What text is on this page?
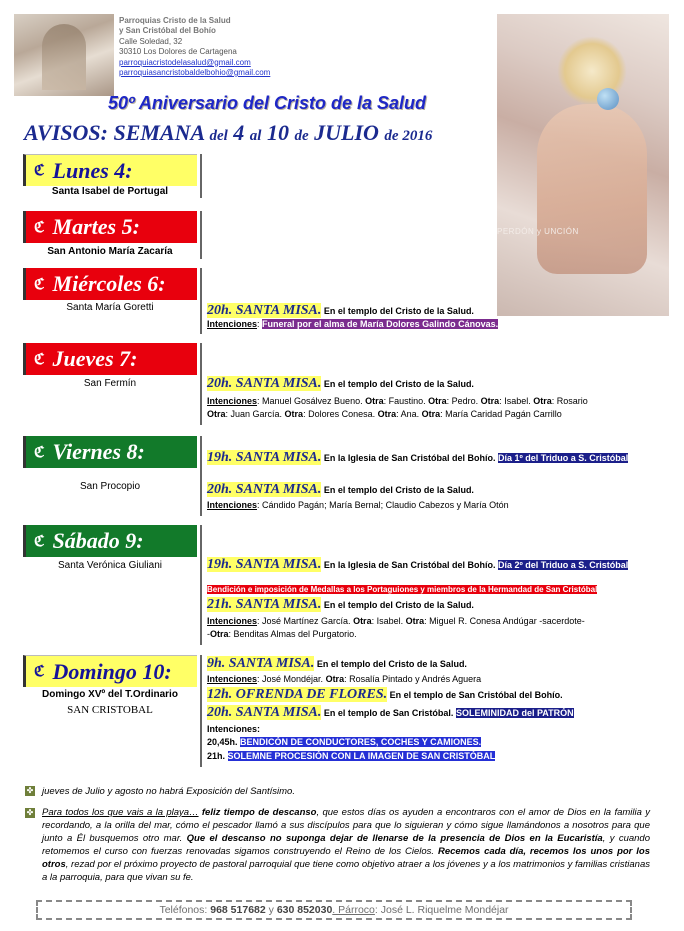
PERDÓN y UNCIÓN
Parroquias Cristo de la Salud
y San Cristóbal del Bohío
Calle Soledad, 32
30310 Los Dolores de Cartagena
parroquiacristodelasalud@gmail.com
parroquiasancristobaldelbohio@gmail.com
50º Aniversario del Cristo de la Salud
AVISOS: SEMANA del 4 al 10 de JULIO de 2016
ℭ Lunes 4:
Santa Isabel de Portugal
ℭ Martes 5:
San Antonio María Zacaría
ℭ Miércoles 6:
Santa María Goretti	20h. SANTA MISA. En el templo del Cristo de la Salud.
Intenciones: Funeral por el alma de María Dolores Galindo Cánovas.
ℭ Jueves 7:
San Fermín	20h. SANTA MISA. En el templo del Cristo de la Salud.
Intenciones: Manuel Gosálvez Bueno. Otra: Faustino. Otra: Pedro. Otra: Isabel. Otra: Rosario
Otra: Juan García. Otra: Dolores Conesa. Otra: Ana. Otra: María Caridad Pagán Carrillo
ℭ Viernes 8:
San Procopio
19h. SANTA MISA. En la Iglesia de San Cristóbal del Bohío. Día 1º del Triduo a S. Cristóbal
20h. SANTA MISA. En el templo del Cristo de la Salud.
Intenciones: Cándido Pagán; María Bernal; Claudio Cabezos y María Otón
ℭ Sábado 9:
Santa Verónica Giuliani	19h. SANTA MISA. En la Iglesia de San Cristóbal del Bohío. Día 2º del Triduo a S. Cristóbal
Bendición e imposición de Medallas a los Portaguiones y miembros de la Hermandad de San Cristóbal
21h. SANTA MISA. En el templo del Cristo de la Salud.
Intenciones: José Martínez García. Otra: Isabel. Otra: Miguel R. Conesa Andúgar -sacerdote-
-Otra: Benditas Almas del Purgatorio.
ℭ Domingo 10:
Domingo XVº del T.Ordinario
SAN CRISTOBAL
9h. SANTA MISA. En el templo del Cristo de la Salud.
Intenciones: José Mondéjar. Otra: Rosalía Pintado y Andrés Aguera
12h. OFRENDA DE FLORES. En el templo de San Cristóbal del Bohío.
20h. SANTA MISA. En el templo de San Cristóbal. SOLEMINIDAD del PATRÓN
Intenciones:
20,45h. BENDICÓN DE CONDUCTORES, COCHES Y CAMIONES.
21h. SOLEMNE PROCESIÓN CON LA IMAGEN DE SAN CRISTÓBAL
✤ jueves de Julio y agosto no habrá Exposición del Santísimo.
✤ Para todos los que vais a la playa… feliz tiempo de descanso, que estos días os ayuden a encontraros con el amor de Dios en la familia y recordando, a la orilla del mar, cómo el pescador llamó a sus discípulos para que lo siguieran y cómo sigue llamándonos a nosotros para que junto a Él busquemos otro mar. Que el descanso no suponga dejar de llenarse de la presencia de Dios en la Eucaristía, y cuando retomemos el curso con fuerzas renovadas sigamos construyendo el Reino de los Cielos. Recemos cada día, recemos los unos por los otros, rezad por el próximo proyecto de pastoral parroquial que tiene como objetivo atraer a los jóvenes y a los matrimonios y familias cristianas a la parroquia, para que vivan su fe.
Teléfonos: 968 517682 y 630 852030. Párroco: José L. Riquelme Mondéjar
